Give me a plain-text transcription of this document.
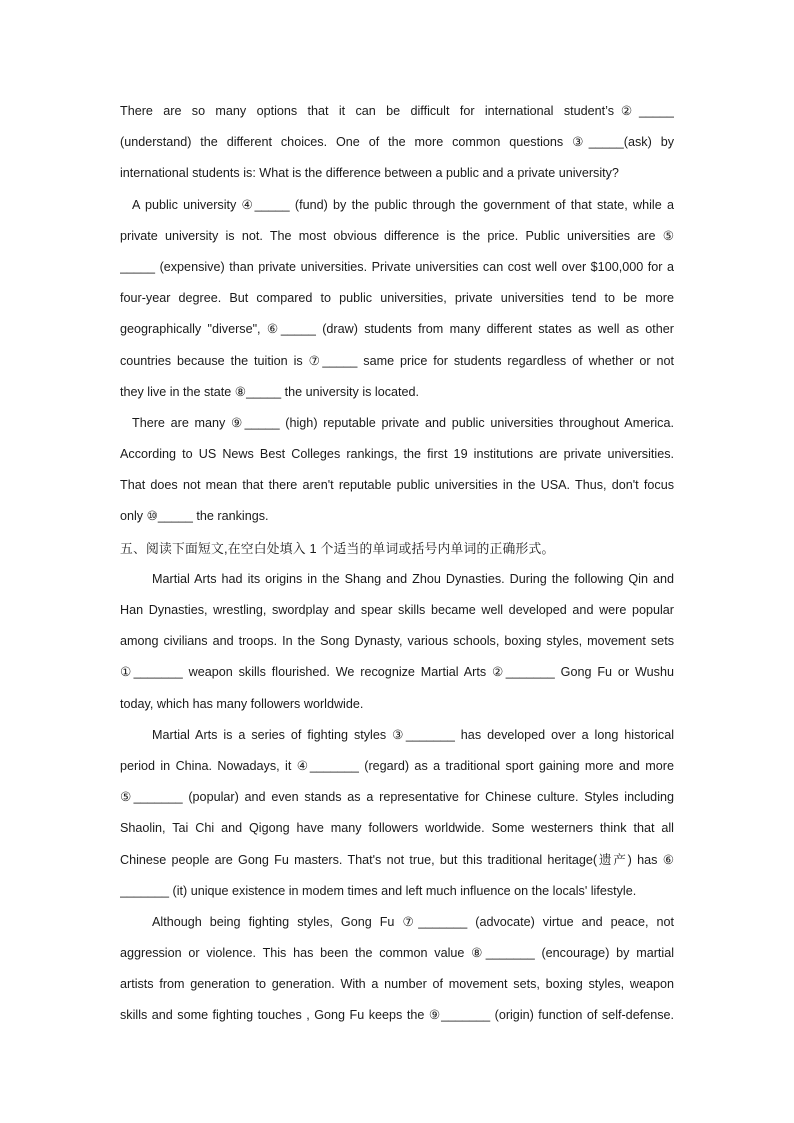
There are so many options that it can be difficult for international student’s②_____
(understand) the different choices. One of the more common questions ③_____(ask) by
international students is: What is the difference between a public and a private university?
A public university ④_____ (fund) by the public through the government of that state, while a
private university is not. The most obvious difference is the price. Public universities are ⑤
_____ (expensive) than private universities. Private universities can cost well over $100,000 for a
four-year degree. But compared to public universities, private universities tend to be more
geographically "diverse", ⑥_____ (draw) students from many different states as well as other
countries because the tuition is ⑦_____ same price for students regardless of whether or not
they live in the state ⑧_____ the university is located.
There are many ⑨_____ (high) reputable private and public universities throughout America.
According to US News Best Colleges rankings, the first 19 institutions are private universities.
That does not mean that there aren't reputable public universities in the USA. Thus, don't focus
only ⑩_____ the rankings.
五、阅读下面短文,在空白处填入 1 个适当的单词或括号内单词的正确形式。
Martial Arts had its origins in the Shang and Zhou Dynasties. During the following Qin and
Han Dynasties, wrestling, swordplay and spear skills became well developed and were popular
among civilians and troops. In the Song Dynasty, various schools, boxing styles, movement sets
①_______ weapon skills flourished. We recognize Martial Arts ②_______ Gong Fu or Wushu
today, which has many followers worldwide.
Martial Arts is a series of fighting styles ③_______ has developed over a long historical
period in China. Nowadays, it ④_______ (regard) as a traditional sport gaining more and more
⑤_______ (popular) and even stands as a representative for Chinese culture. Styles including
Shaolin, Tai Chi and Qigong have many followers worldwide. Some westerners think that all
Chinese people are Gong Fu masters. That's not true, but this traditional heritage(遗产) has ⑥
_______ (it) unique existence in modem times and left much influence on the locals' lifestyle.
Although being fighting styles, Gong Fu ⑦_______ (advocate) virtue and peace, not
aggression or violence. This has been the common value ⑧_______ (encourage) by martial
artists from generation to generation. With a number of movement sets, boxing styles, weapon
skills and some fighting touches , Gong Fu keeps the ⑨_______ (origin) function of self-defense.
